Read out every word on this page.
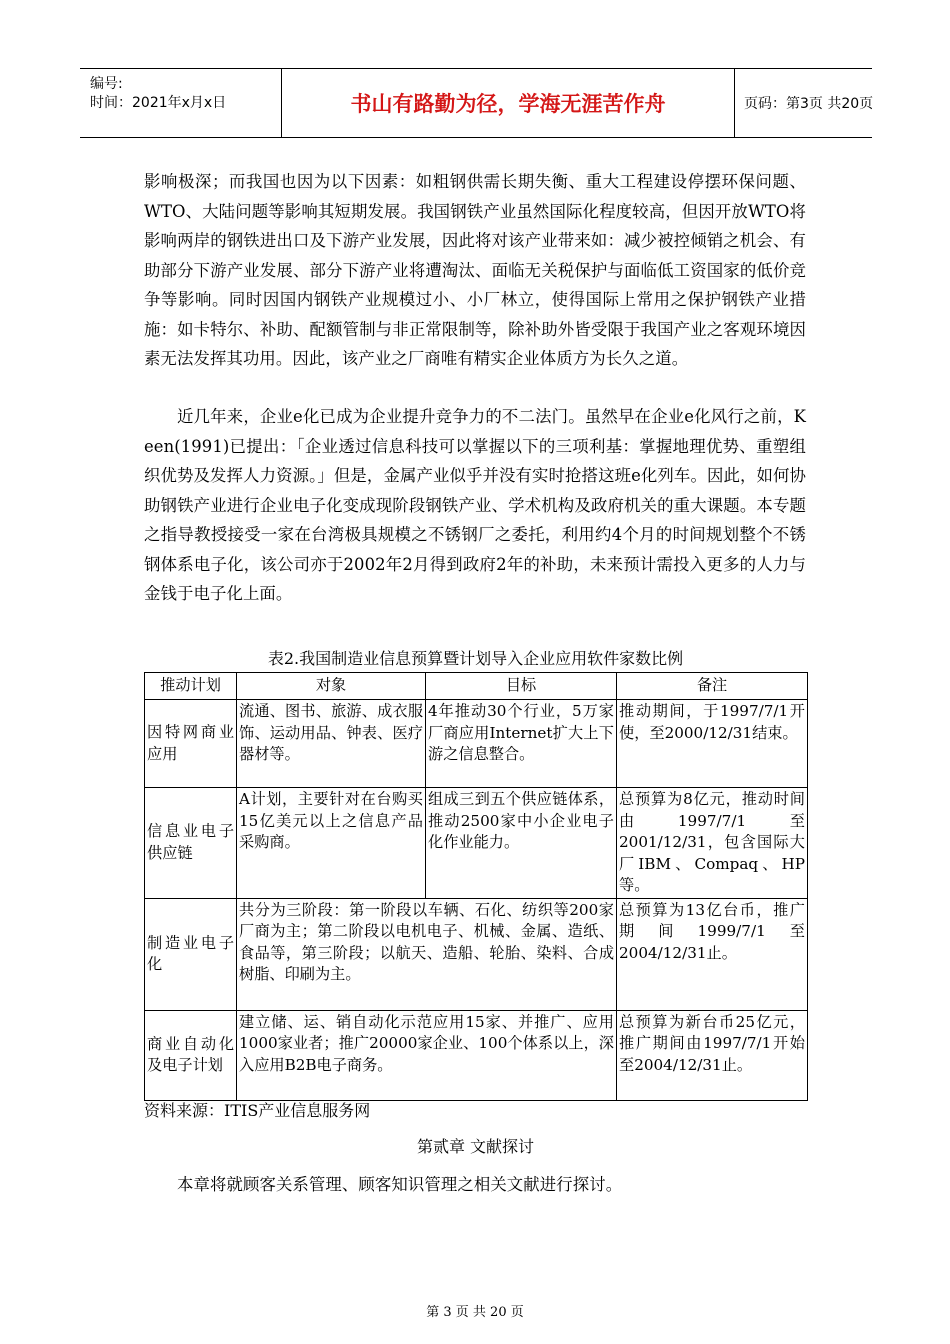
编号:
时间：2021年x月x日	书山有路勤为径，学海无涯苦作舟	页码：第3页 共20页

影响极深；而我国也因为以下因素：如粗钢供需长期失衡、重大工程建设停摆环保问题、WTO、大陆问题等影响其短期发展。我国钢铁产业虽然国际化程度较高，但因开放WTO将影响两岸的钢铁进出口及下游产业发展，因此将对该产业带来如：减少被控倾销之机会、有助部分下游产业发展、部分下游产业将遭淘汰、面临无关税保护与面临低工资国家的低价竞争等影响。同时因国内钢铁产业规模过小、小厂林立，使得国际上常用之保护钢铁产业措施：如卡特尔、补助、配额管制与非正常限制等，除补助外皆受限于我国产业之客观环境因素无法发挥其功用。因此，该产业之厂商唯有精实企业体质方为长久之道。

近几年来，企业e化已成为企业提升竞争力的不二法门。虽然早在企业e化风行之前，K een(1991)已提出：「企业透过信息科技可以掌握以下的三项利基：掌握地理优势、重塑组织优势及发挥人力资源。」但是，金属产业似乎并没有实时抢搭这班e化列车。因此，如何协助钢铁产业进行企业电子化变成现阶段钢铁产业、学术机构及政府机关的重大课题。本专题之指导教授接受一家在台湾极具规模之不锈钢厂之委托，利用约4个月的时间规划整个不锈钢体系电子化，该公司亦于2002年2月得到政府2年的补助，未来预计需投入更多的人力与金钱于电子化上面。

表2.我国制造业信息预算暨计划导入企业应用软件家数比例
推动计划	对象	目标	备注
因特网商业应用	流通、图书、旅游、成衣服饰、运动用品、钟表、医疗器材等。	4年推动30个行业，5万家厂商应用Internet扩大上下游之信息整合。	推动期间，于1997/7/1开使，至2000/12/31结束。
信息业电子供应链	A计划，主要针对在台购买15亿美元以上之信息产品采购商。	组成三到五个供应链体系，推动2500家中小企业电子化作业能力。	总预算为8亿元，推动时间由1997/7/1至2001/12/31，包含国际大厂IBM、Compaq、HP等。
制造业电子化	共分为三阶段：第一阶段以车辆、石化、纺织等200家厂商为主；第二阶段以电机电子、机械、金属、造纸、食品等，第三阶段；以航天、造船、轮胎、染料、合成树脂、印刷为主。		总预算为13亿台币，推广期间1999/7/1至2004/12/31止。
商业自动化及电子计划	建立储、运、销自动化示范应用15家、并推广、应用1000家业者；推广20000家企业、100个体系以上，深入应用B2B电子商务。		总预算为新台币25亿元，推广期间由1997/7/1开始至2004/12/31止。
资料来源：ITIS产业信息服务网
第贰章 文献探讨

本章将就顾客关系管理、顾客知识管理之相关文献进行探讨。

第 3 页 共 20 页
